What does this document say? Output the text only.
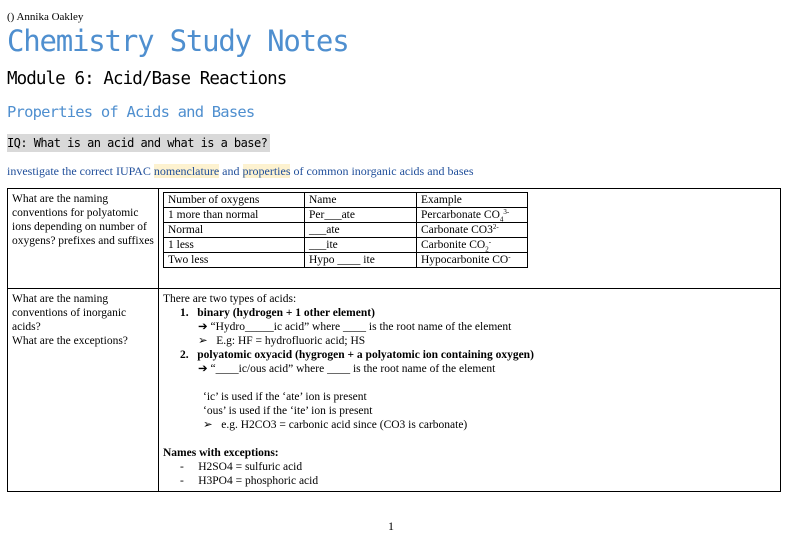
() Annika Oakley
Chemistry Study Notes
Module 6: Acid/Base Reactions
Properties of Acids and Bases
IQ: What is an acid and what is a base?
investigate the correct IUPAC nomenclature and properties of common inorganic acids and bases
What are the naming conventions for polyatomic ions depending on number of oxygens? prefixes and suffixes

Number of oxygens	Name	Example
1 more than normal	Per___ate	Percarbonate $CO_4^{3-}$
Normal	___ate	Carbonate $CO3^{2-}$
1 less	___ite	Carbonite $CO_2^-$
Two less	Hypo ____ ite	Hypocarbonite CO-

What are the naming conventions of inorganic acids?
What are the exceptions?

There are two types of acids:
1. binary (hydrogen + 1 other element)
➔ “Hydro_____ic acid” where ____ is the root name of the element
➢ E.g: HF = hydrofluoric acid; HS
2. polyatomic oxyacid (hygrogen + a polyatomic ion containing oxygen)
➔ “____ic/ous acid” where ____ is the root name of the element
‘ic’ is used if the ‘ate’ ion is present
‘ous’ is used if the ‘ite’ ion is present
➢ e.g. H2CO3 = carbonic acid since (CO3 is carbonate)
Names with exceptions:
- H2SO4 = sulfuric acid
- H3PO4 = phosphoric acid
1
